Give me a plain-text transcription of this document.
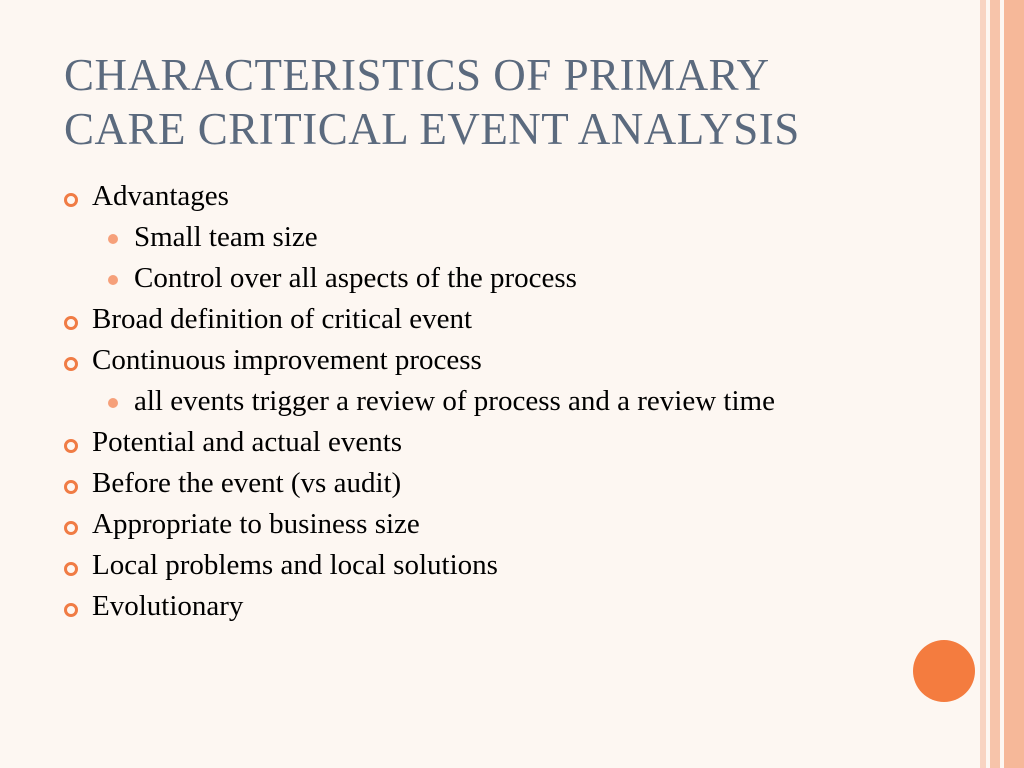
CHARACTERISTICS OF PRIMARY
CARE CRITICAL EVENT ANALYSIS
Advantages
Small team size
Control over all aspects of the process
Broad definition of critical event
Continuous improvement process
all events trigger a review of process and a review time
Potential and actual events
Before the event (vs audit)
Appropriate to business size
Local problems and local solutions
Evolutionary
